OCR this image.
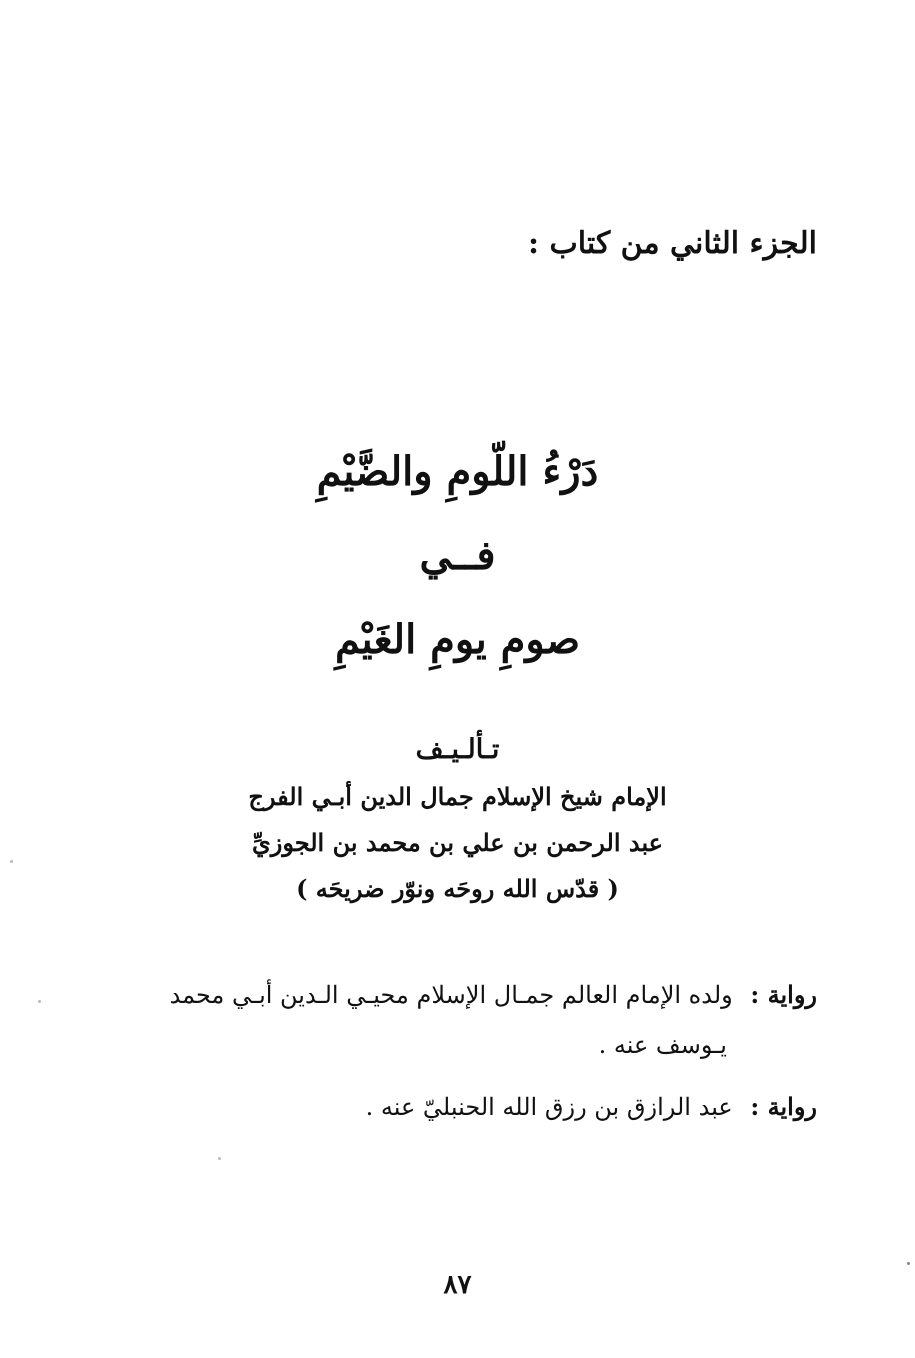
الجزء الثاني من كتاب :
دَرْءُ اللّومِ والضَّيْمِ
فــي
صومِ يومِ الغَيْمِ
تـألـيـف
الإمام شيخ الإسلام جمال الدين أبـي الفرج
عبد الرحمن بن علي بن محمد بن الجوزيِّ
( قدّس الله روحَه ونوّر ضريحَه )
رواية : ولده الإمام العالم جمـال الإسلام محيـي الـدين أبـي محمد
يـوسف عنه .
رواية : عبد الرازق بن رزق الله الحنبليّ عنه .
٨٧
